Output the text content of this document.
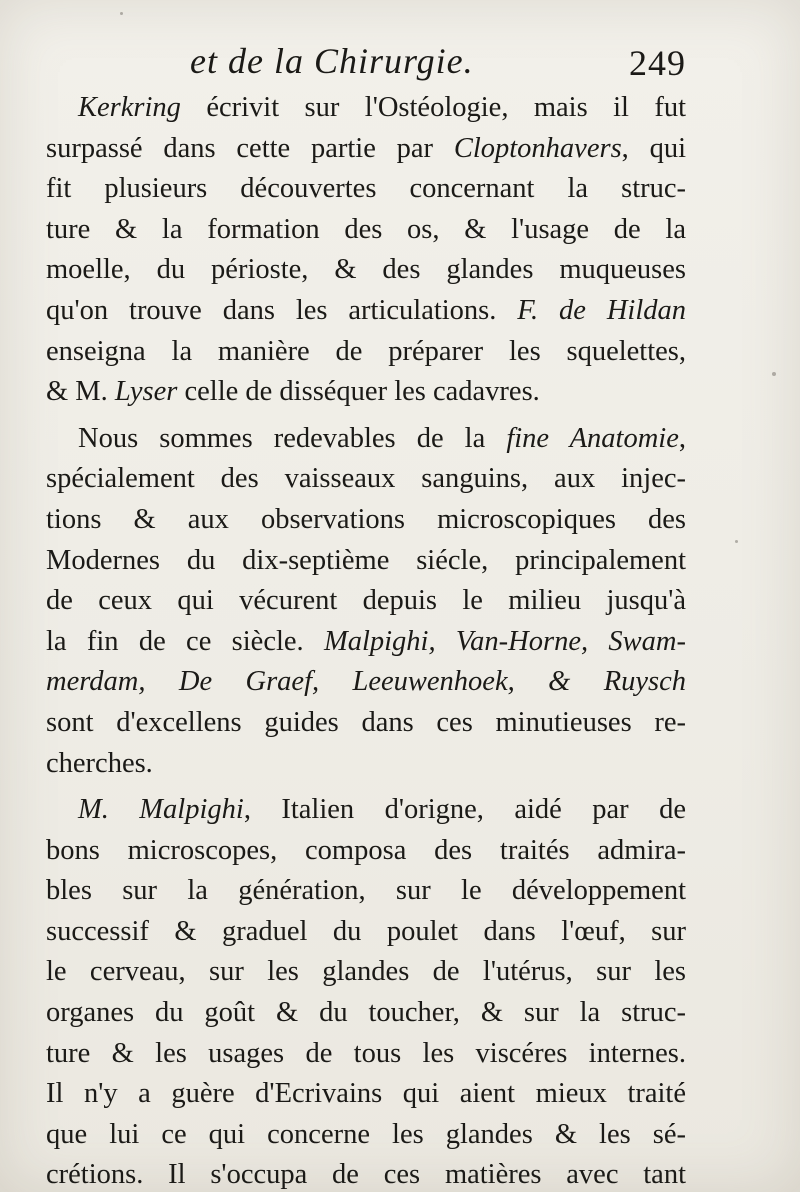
et de la Chirurgie.	249
Kerkring écrivit sur l'Ostéologie, mais il fut
surpassé dans cette partie par Cloptonhavers, qui
fit plusieurs découvertes concernant la struc-
ture & la formation des os, & l'usage de la
moelle, du périoste, & des glandes muqueuses
qu'on trouve dans les articulations. F. de Hildan
enseigna la manière de préparer les squelettes,
& M. Lyser celle de disséquer les cadavres.
Nous sommes redevables de la fine Anatomie,
spécialement des vaisseaux sanguins, aux injec-
tions & aux observations microscopiques des
Modernes du dix-septième siécle, principalement
de ceux qui vécurent depuis le milieu jusqu'à
la fin de ce siècle. Malpighi, Van-Horne, Swam-
merdam, De Graef, Leeuwenhoek, & Ruysch
sont d'excellens guides dans ces minutieuses re-
cherches.
M. Malpighi, Italien d'origne, aidé par de
bons microscopes, composa des traités admira-
bles sur la génération, sur le développement
successif & graduel du poulet dans l'œuf, sur
le cerveau, sur les glandes de l'utérus, sur les
organes du goût & du toucher, & sur la struc-
ture & les usages de tous les viscéres internes.
Il n'y a guère d'Ecrivains qui aient mieux traité
que lui ce qui concerne les glandes & les sé-
crétions. Il s'occupa de ces matières avec tant
